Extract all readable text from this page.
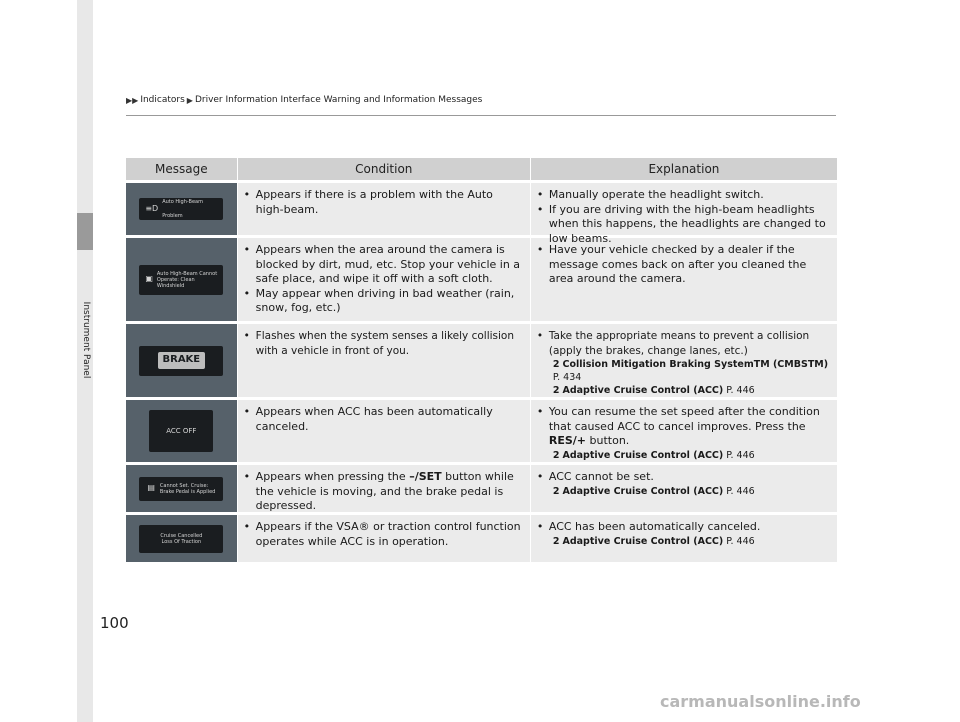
Instrument Panel
▶▶ Indicators ▶ Driver Information Interface Warning and Information Messages
Message	Condition	Explanation
≡D
Auto High-Beam Problem
• Appears if there is a problem with the Auto high-beam.
• Manually operate the headlight switch.
• If you are driving with the high-beam headlights when this happens, the headlights are changed to low beams.
▣
Auto High-Beam Cannot Operate: Clean Windshield
• Appears when the area around the camera is blocked by dirt, mud, etc. Stop your vehicle in a safe place, and wipe it off with a soft cloth.
• May appear when driving in bad weather (rain, snow, fog, etc.)
• Have your vehicle checked by a dealer if the message comes back on after you cleaned the area around the camera.
BRAKE
• Flashes when the system senses a likely collision with a vehicle in front of you.
• Take the appropriate means to prevent a collision (apply the brakes, change lanes, etc.)
2 Collision Mitigation Braking SystemTM (CMBSTM)
P. 434
2 Adaptive Cruise Control (ACC) P. 446
ACC OFF
• Appears when ACC has been automatically canceled.
• You can resume the set speed after the condition that caused ACC to cancel improves. Press the RES/+ button.
2 Adaptive Cruise Control (ACC) P. 446
▤ Cannot Set. Cruise: Brake Pedal is Applied
• Appears when pressing the –/SET button while the vehicle is moving, and the brake pedal is depressed.
• ACC cannot be set.
2 Adaptive Cruise Control (ACC) P. 446
Cruise Cancelled Loss Of Traction
• Appears if the VSA® or traction control function operates while ACC is in operation.
• ACC has been automatically canceled.
2 Adaptive Cruise Control (ACC) P. 446
100
carmanualsonline.info
